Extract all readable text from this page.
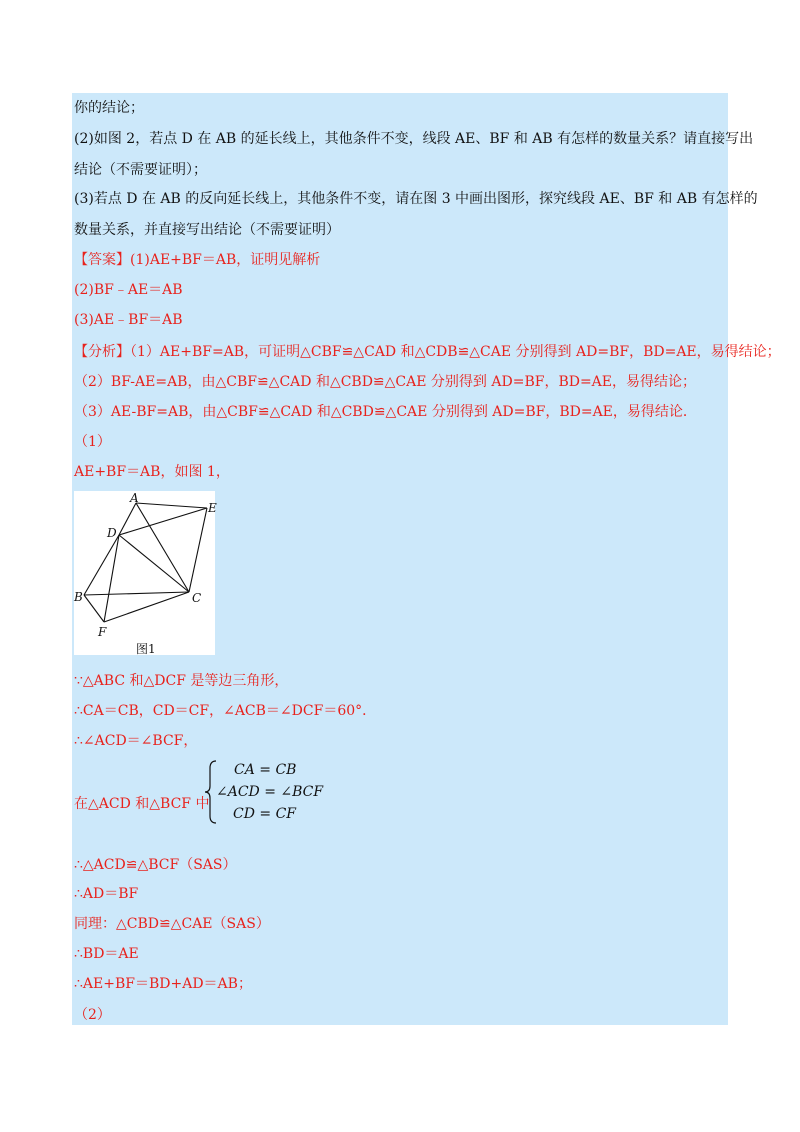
你的结论；
(2)如图 2，若点 D 在 AB 的延长线上，其他条件不变，线段 AE、BF 和 AB 有怎样的数量关系？请直接写出
结论（不需要证明）；
(3)若点 D 在 AB 的反向延长线上，其他条件不变，请在图 3 中画出图形，探究线段 AE、BF 和 AB 有怎样的
数量关系，并直接写出结论（不需要证明）
【答案】(1)AE+BF＝AB，证明见解析
(2)BF﹣AE＝AB
(3)AE﹣BF＝AB
【分析】（1）AE+BF=AB，可证明△CBF≌△CAD 和△CDB≌△CAE 分别得到 AD=BF，BD=AE，易得结论；
（2）BF-AE=AB，由△CBF≌△CAD 和△CBD≌△CAE 分别得到 AD=BF，BD=AE，易得结论；
（3）AE-BF=AB，由△CBF≌△CAD 和△CBD≌△CAE 分别得到 AD=BF，BD=AE，易得结论．
（1）
AE+BF＝AB，如图 1，
A
E
D
B	C
F
图1
∵△ABC 和△DCF 是等边三角形，
∴CA＝CB，CD＝CF，∠ACB＝∠DCF＝60°．
∴∠ACD＝∠BCF，
在△ACD 和△BCF 中
CA = CB
∠ACD = ∠BCF
CD = CF
∴△ACD≌△BCF（SAS）
∴AD＝BF
同理：△CBD≌△CAE（SAS）
∴BD＝AE
∴AE+BF＝BD+AD＝AB；
（2）
